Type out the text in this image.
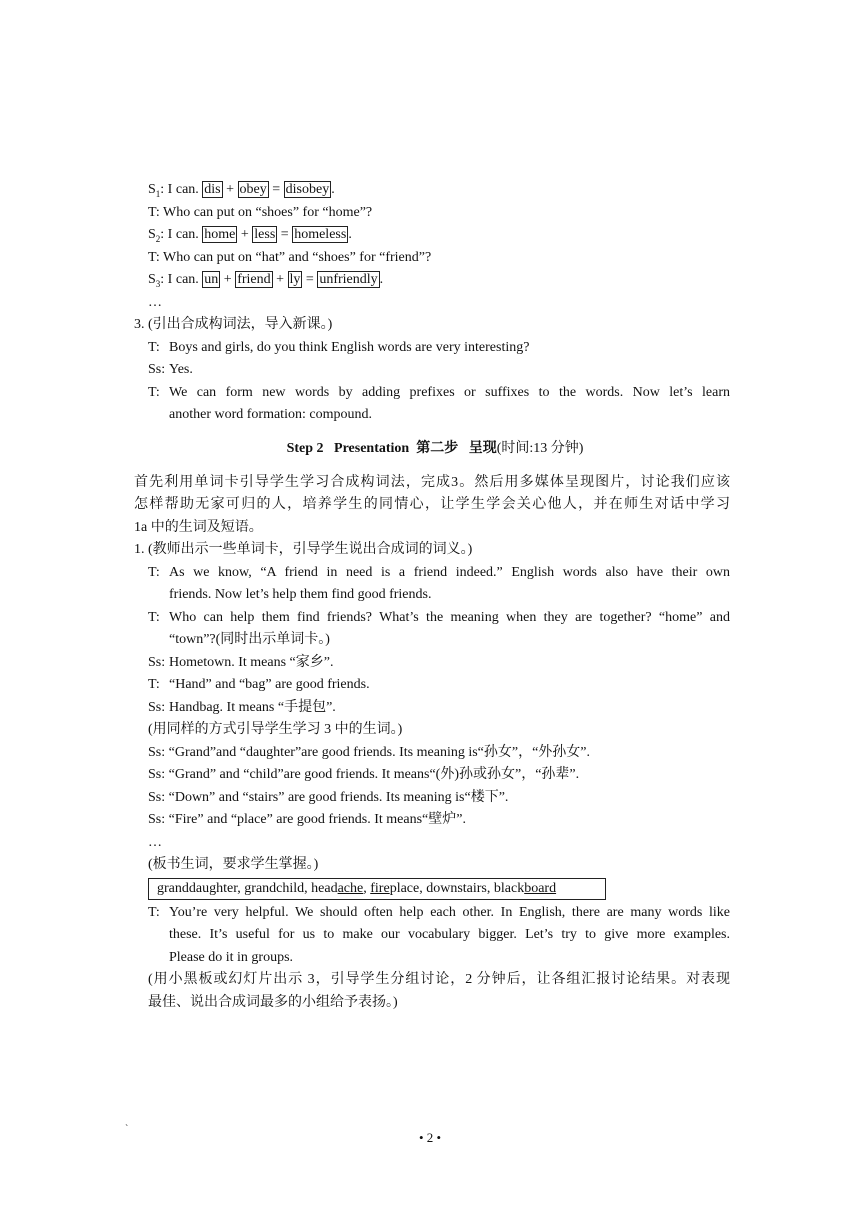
$S_1$: I can. dis + obey = disobey .
T: Who can put on “shoes” for “home”?
$S_2$: I can. home + less = homeless .
T: Who can put on “hat” and “shoes” for “friend”?
$S_3$: I can. un + friend + ly = unfriendly .
…
3. (引出合成构词法，导入新课。)
T: Boys and girls, do you think English words are very interesting?
Ss: Yes.
T: We can form new words by adding prefixes or suffixes to the words. Now let’s learn
another word formation: compound.
Step 2   Presentation 第二步   呈现(时间:13 分钟)
首先利用单词卡引导学生学习合成构词法，完成3。然后用多媒体呈现图片，讨论我们应该
怎样帮助无家可归的人，培养学生的同情心，让学生学会关心他人，并在师生对话中学习
1a 中的生词及短语。
1. (教师出示一些单词卡，引导学生说出合成词的词义。)
T: As we know, “A friend in need is a friend indeed.” English words also have their own
friends. Now let’s help them find good friends.
T: Who can help them find friends? What’s the meaning when they are together? “home” and
“town”?(同时出示单词卡。)
Ss: Hometown. It means “家乡”.
T: “Hand” and “bag” are good friends.
Ss: Handbag. It means “手提包”.
(用同样的方式引导学生学习 3 中的生词。)
Ss: “Grand”and “daughter”are good friends. Its meaning is“孙女”，“外孙女”.
Ss: “Grand” and “child”are good friends. It means“(外)孙或孙女”，“孙辈”.
Ss: “Down” and “stairs” are good friends. Its meaning is“楼下”.
Ss: “Fire” and “place” are good friends. It means“壁炉”.
…
(板书生词，要求学生掌握。)
granddaughter, grandchild, headache, fireplace, downstairs, blackboard
T: You’re very helpful. We should often help each other. In English, there are many words like
these. It’s useful for us to make our vocabulary bigger. Let’s try to give more examples.
Please do it in groups.
(用小黑板或幻灯片出示 3，引导学生分组讨论，2 分钟后，让各组汇报讨论结果。对表现
最佳、说出合成词最多的小组给予表扬。)
`
• 2 •
